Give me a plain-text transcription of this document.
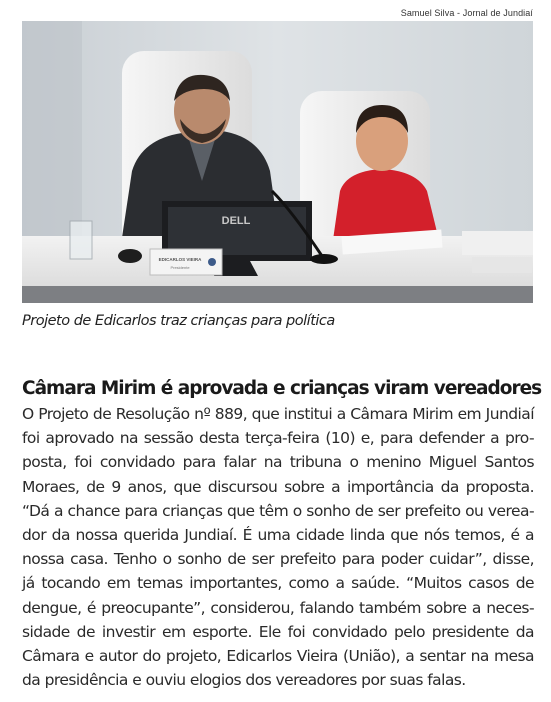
Samuel Silva - Jornal de Jundiaí
DELL
EDICARLOS VIEIRA
Presidente
Projeto de Edicarlos traz crianças para política
Câmara Mirim é aprovada e crianças viram vereadores
O Projeto de Resolução nº 889, que institui a Câmara Mirim em Jundiaí
foi aprovado na sessão desta terça-feira (10) e, para defender a pro-
posta, foi convidado para falar na tribuna o menino Miguel Santos
Moraes, de 9 anos, que discursou sobre a importância da proposta.
“Dá a chance para crianças que têm o sonho de ser prefeito ou verea-
dor da nossa querida Jundiaí. É uma cidade linda que nós temos, é a
nossa casa. Tenho o sonho de ser prefeito para poder cuidar”, disse,
já tocando em temas importantes, como a saúde. “Muitos casos de
dengue, é preocupante”, considerou, falando também sobre a neces-
sidade de investir em esporte. Ele foi convidado pelo presidente da
Câmara e autor do projeto, Edicarlos Vieira (União), a sentar na mesa
da presidência e ouviu elogios dos vereadores por suas falas.
